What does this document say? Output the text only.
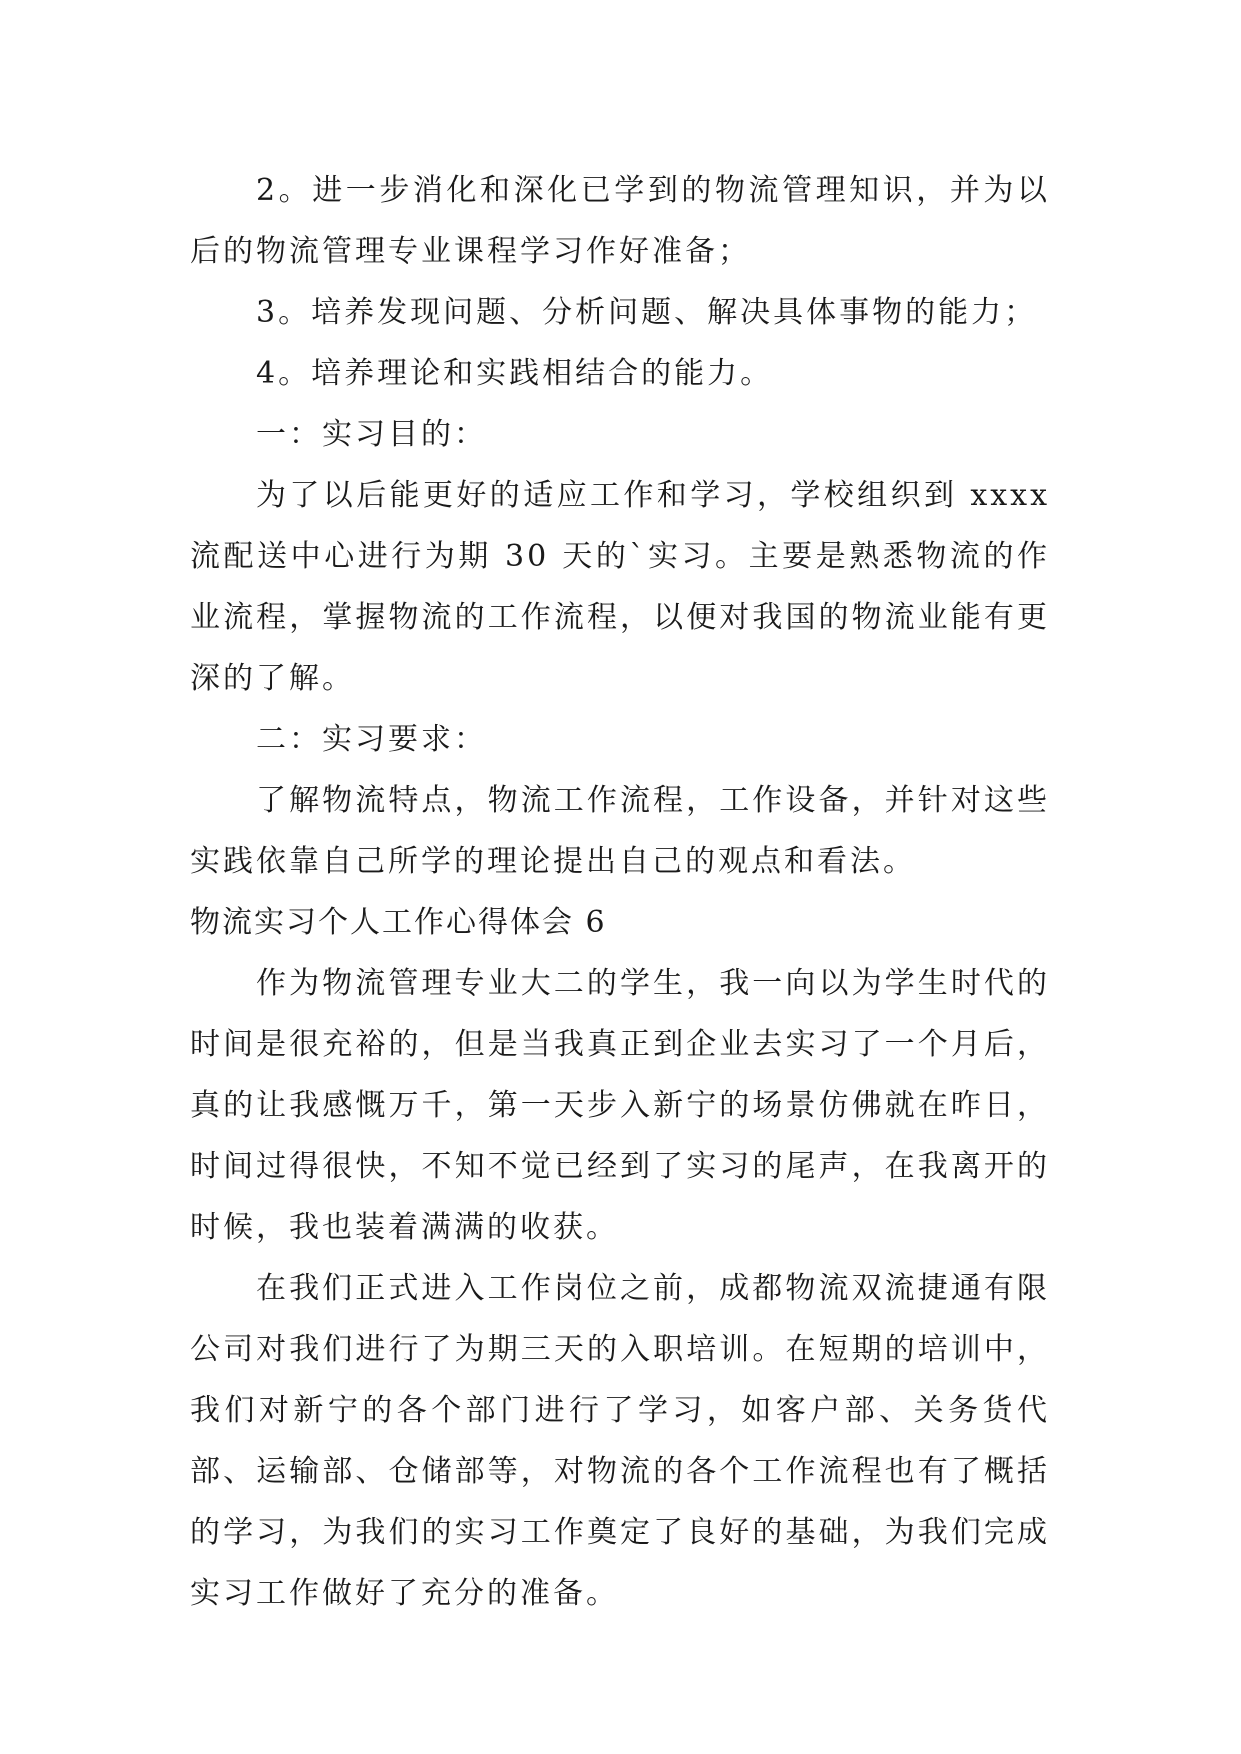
2。进一步消化和深化已学到的物流管理知识，并为以后的物流管理专业课程学习作好准备；

3。培养发现问题、分析问题、解决具体事物的能力；

4。培养理论和实践相结合的能力。

一：实习目的：

为了以后能更好的适应工作和学习，学校组织到 xxxx 流配送中心进行为期 30 天的`实习。主要是熟悉物流的作业流程，掌握物流的工作流程，以便对我国的物流业能有更深的了解。

二：实习要求：

了解物流特点，物流工作流程，工作设备，并针对这些实践依靠自己所学的理论提出自己的观点和看法。

物流实习个人工作心得体会 6

作为物流管理专业大二的学生，我一向以为学生时代的时间是很充裕的，但是当我真正到企业去实习了一个月后，真的让我感慨万千，第一天步入新宁的场景仿佛就在昨日，时间过得很快，不知不觉已经到了实习的尾声，在我离开的时候，我也装着满满的收获。

在我们正式进入工作岗位之前，成都物流双流捷通有限公司对我们进行了为期三天的入职培训。在短期的培训中，我们对新宁的各个部门进行了学习，如客户部、关务货代部、运输部、仓储部等，对物流的各个工作流程也有了概括的学习，为我们的实习工作奠定了良好的基础，为我们完成实习工作做好了充分的准备。
